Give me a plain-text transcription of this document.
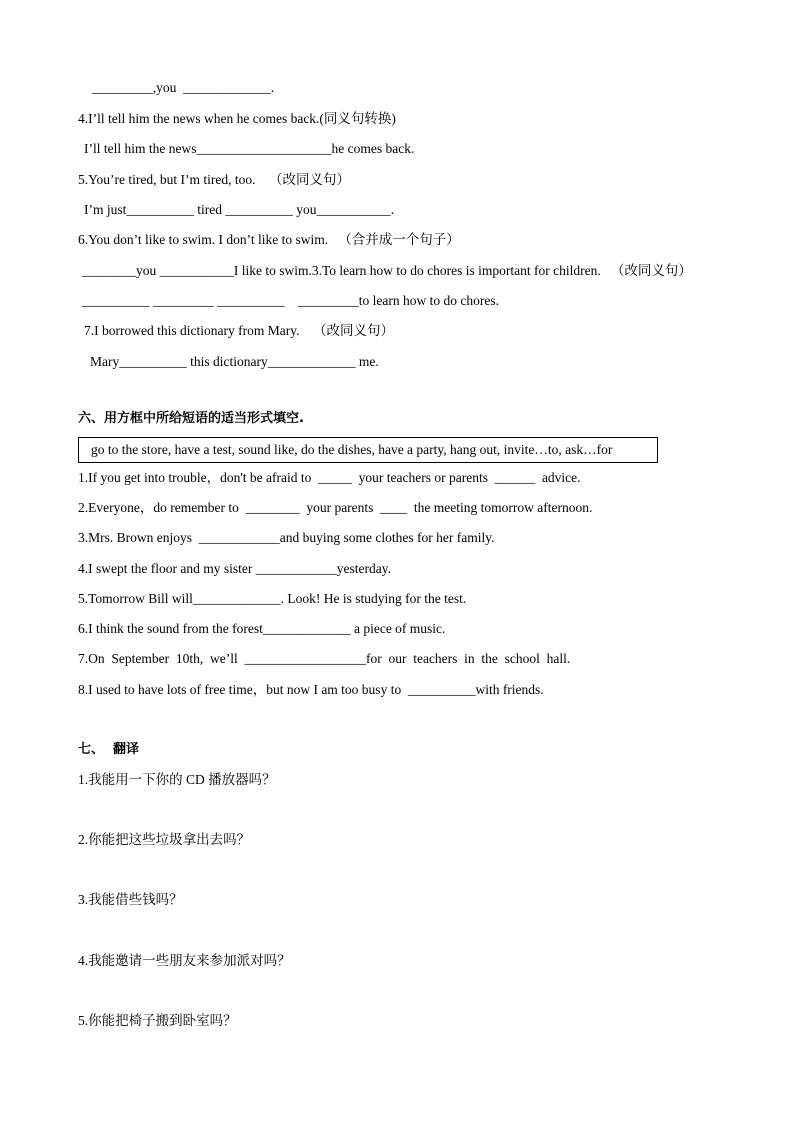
_________,you  _____________.
4.I’ll tell him the news when he comes back.(同义句转换)
I’ll tell him the news____________________he comes back.
5.You’re tired, but I’m tired, too.    （改同义句）
I’m just__________ tired __________ you___________.
6.You don’t like to swim. I don’t like to swim.   （合并成一个句子）
________you ___________I like to swim.3.To learn how to do chores is important for children.   （改同义句）
__________ _________ __________    _________to learn how to do chores.
7.I borrowed this dictionary from Mary.    （改同义句）
Mary__________ this dictionary_____________ me.
六、用方框中所给短语的适当形式填空.
go to the store, have a test, sound like, do the dishes, have a party, hang out, invite…to, ask…for
1.If you get into trouble，don't be afraid to  _____  your teachers or parents  ______  advice.
2.Everyone，do remember to  ________  your parents  ____  the meeting tomorrow afternoon.
3.Mrs. Brown enjoys  ____________and buying some clothes for her family.
4.I swept the floor and my sister ____________yesterday.
5.Tomorrow Bill will_____________. Look! He is studying for the test.
6.I think the sound from the forest_____________ a piece of music.
7.On  September  10th,  we’ll  __________________for  our  teachers  in  the  school  hall.
8.I used to have lots of free time，but now I am too busy to  __________with friends.
七、  翻译
1.我能用一下你的 CD 播放器吗？
2.你能把这些垃圾拿出去吗？
3.我能借些钱吗？
4.我能邀请一些朋友来参加派对吗？
5.你能把椅子搬到卧室吗？
